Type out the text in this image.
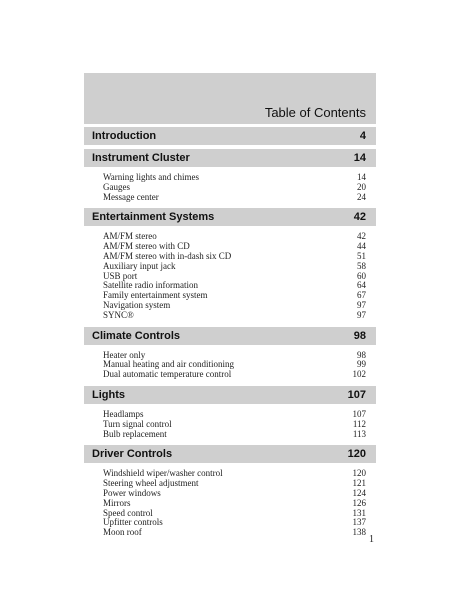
Table of Contents
Introduction	4
Instrument Cluster	14
Warning lights and chimes	14
Gauges	20
Message center	24
Entertainment Systems	42
AM/FM stereo	42
AM/FM stereo with CD	44
AM/FM stereo with in-dash six CD	51
Auxiliary input jack	58
USB port	60
Satellite radio information	64
Family entertainment system	67
Navigation system	97
SYNC®	97
Climate Controls	98
Heater only	98
Manual heating and air conditioning	99
Dual automatic temperature control	102
Lights	107
Headlamps	107
Turn signal control	112
Bulb replacement	113
Driver Controls	120
Windshield wiper/washer control	120
Steering wheel adjustment	121
Power windows	124
Mirrors	126
Speed control	131
Upfitter controls	137
Moon roof	138
1
